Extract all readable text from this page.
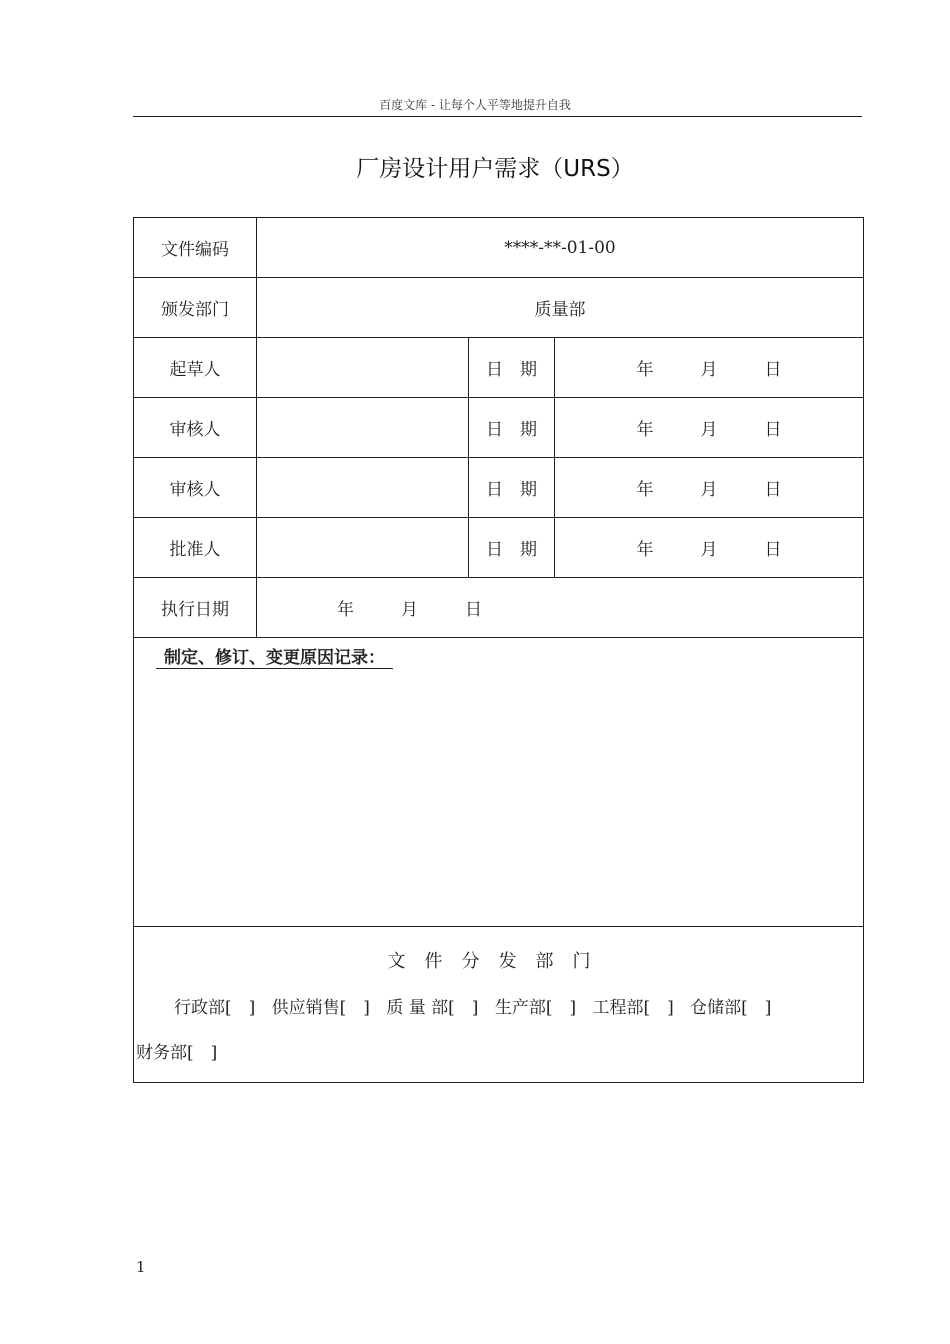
百度文库 - 让每个人平等地提升自我
厂房设计用户需求（URS）
文件编码	****-**-01-00		
颁发部门	质量部		
起草人		日　期	年 月 日
审核人		日　期	年 月 日
审核人		日　期	年 月 日
批准人		日　期	年 月 日
执行日期	年 月 日		
制定、修订、变更原因记录：			

文件分发部门
行政部[　] 供应销售[　] 质 量 部[　] 生产部[　] 工程部[　] 仓储部[　]
财务部[　]			
1
